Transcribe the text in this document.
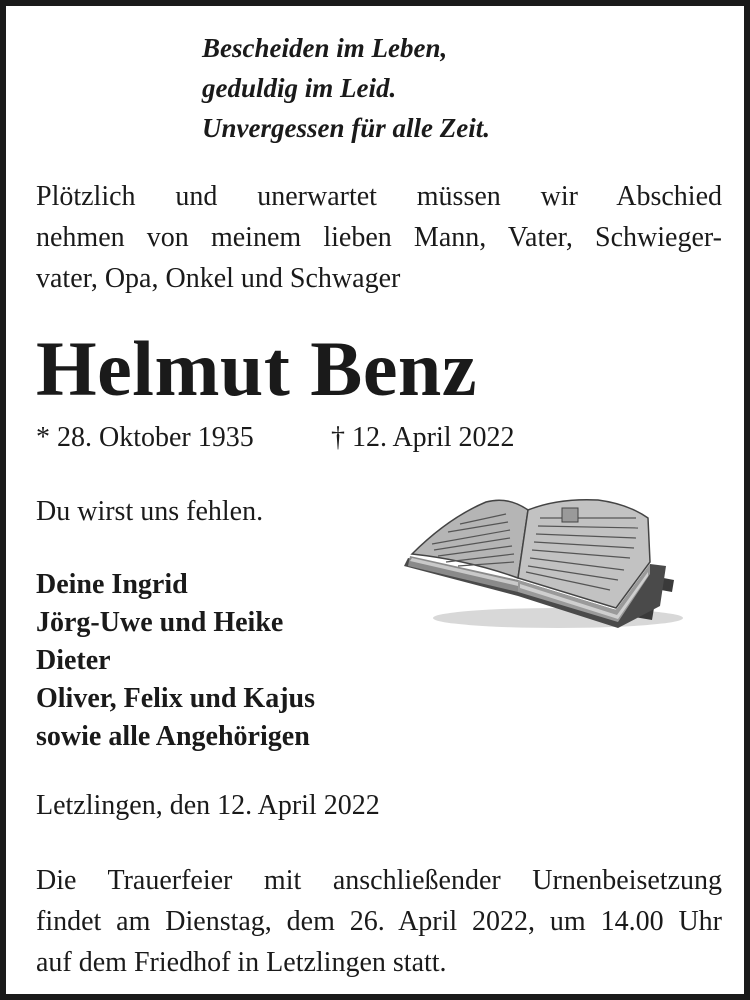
Bescheiden im Leben,
geduldig im Leid.
Unvergessen für alle Zeit.
Plötzlich und unerwartet müssen wir Abschied
nehmen von meinem lieben Mann, Vater, Schwieger-
vater, Opa, Onkel und Schwager
Helmut Benz
* 28. Oktober 1935	† 12. April 2022
Du wirst uns fehlen.
Deine Ingrid
Jörg-Uwe und Heike
Dieter
Oliver, Felix und Kajus
sowie alle Angehörigen
Letzlingen, den 12. April 2022
Die Trauerfeier mit anschließender Urnenbeisetzung
findet am Dienstag, dem 26. April 2022, um 14.00 Uhr
auf dem Friedhof in Letzlingen statt.
